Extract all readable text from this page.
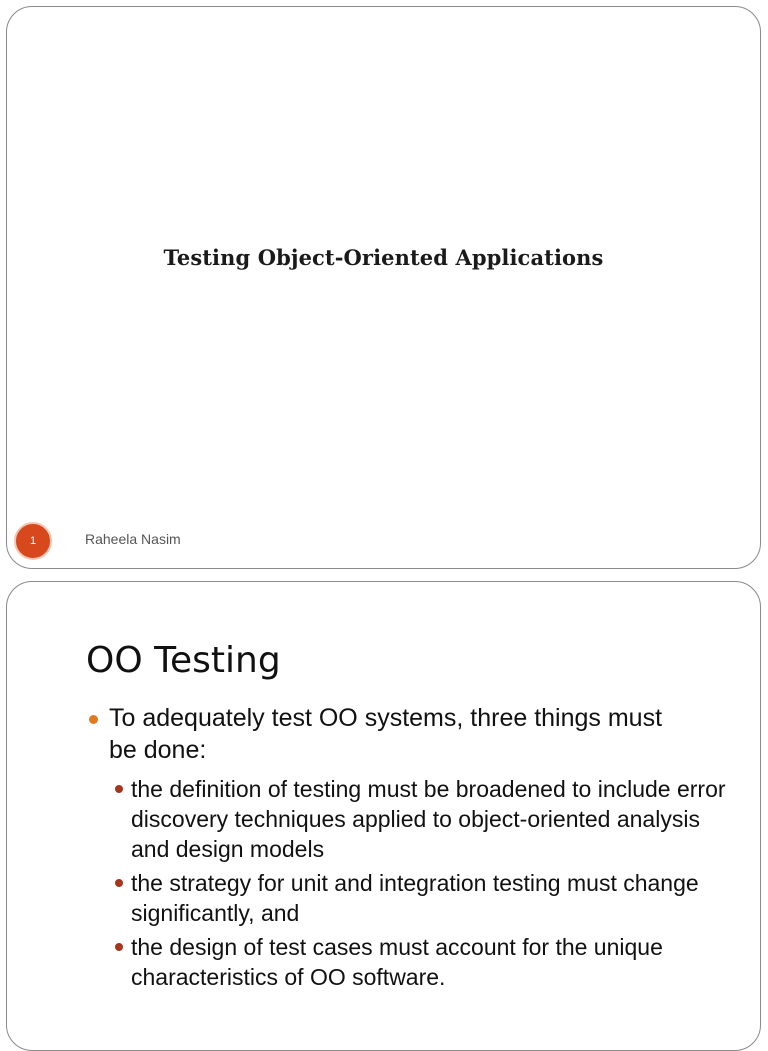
Testing Object-Oriented Applications
1	Raheela Nasim
OO Testing
To adequately test OO systems, three things must be done:
the definition of testing must be broadened to include error discovery techniques applied to object-oriented analysis and design models
the strategy for unit and integration testing must change significantly, and
the design of test cases must account for the unique characteristics of OO software.
